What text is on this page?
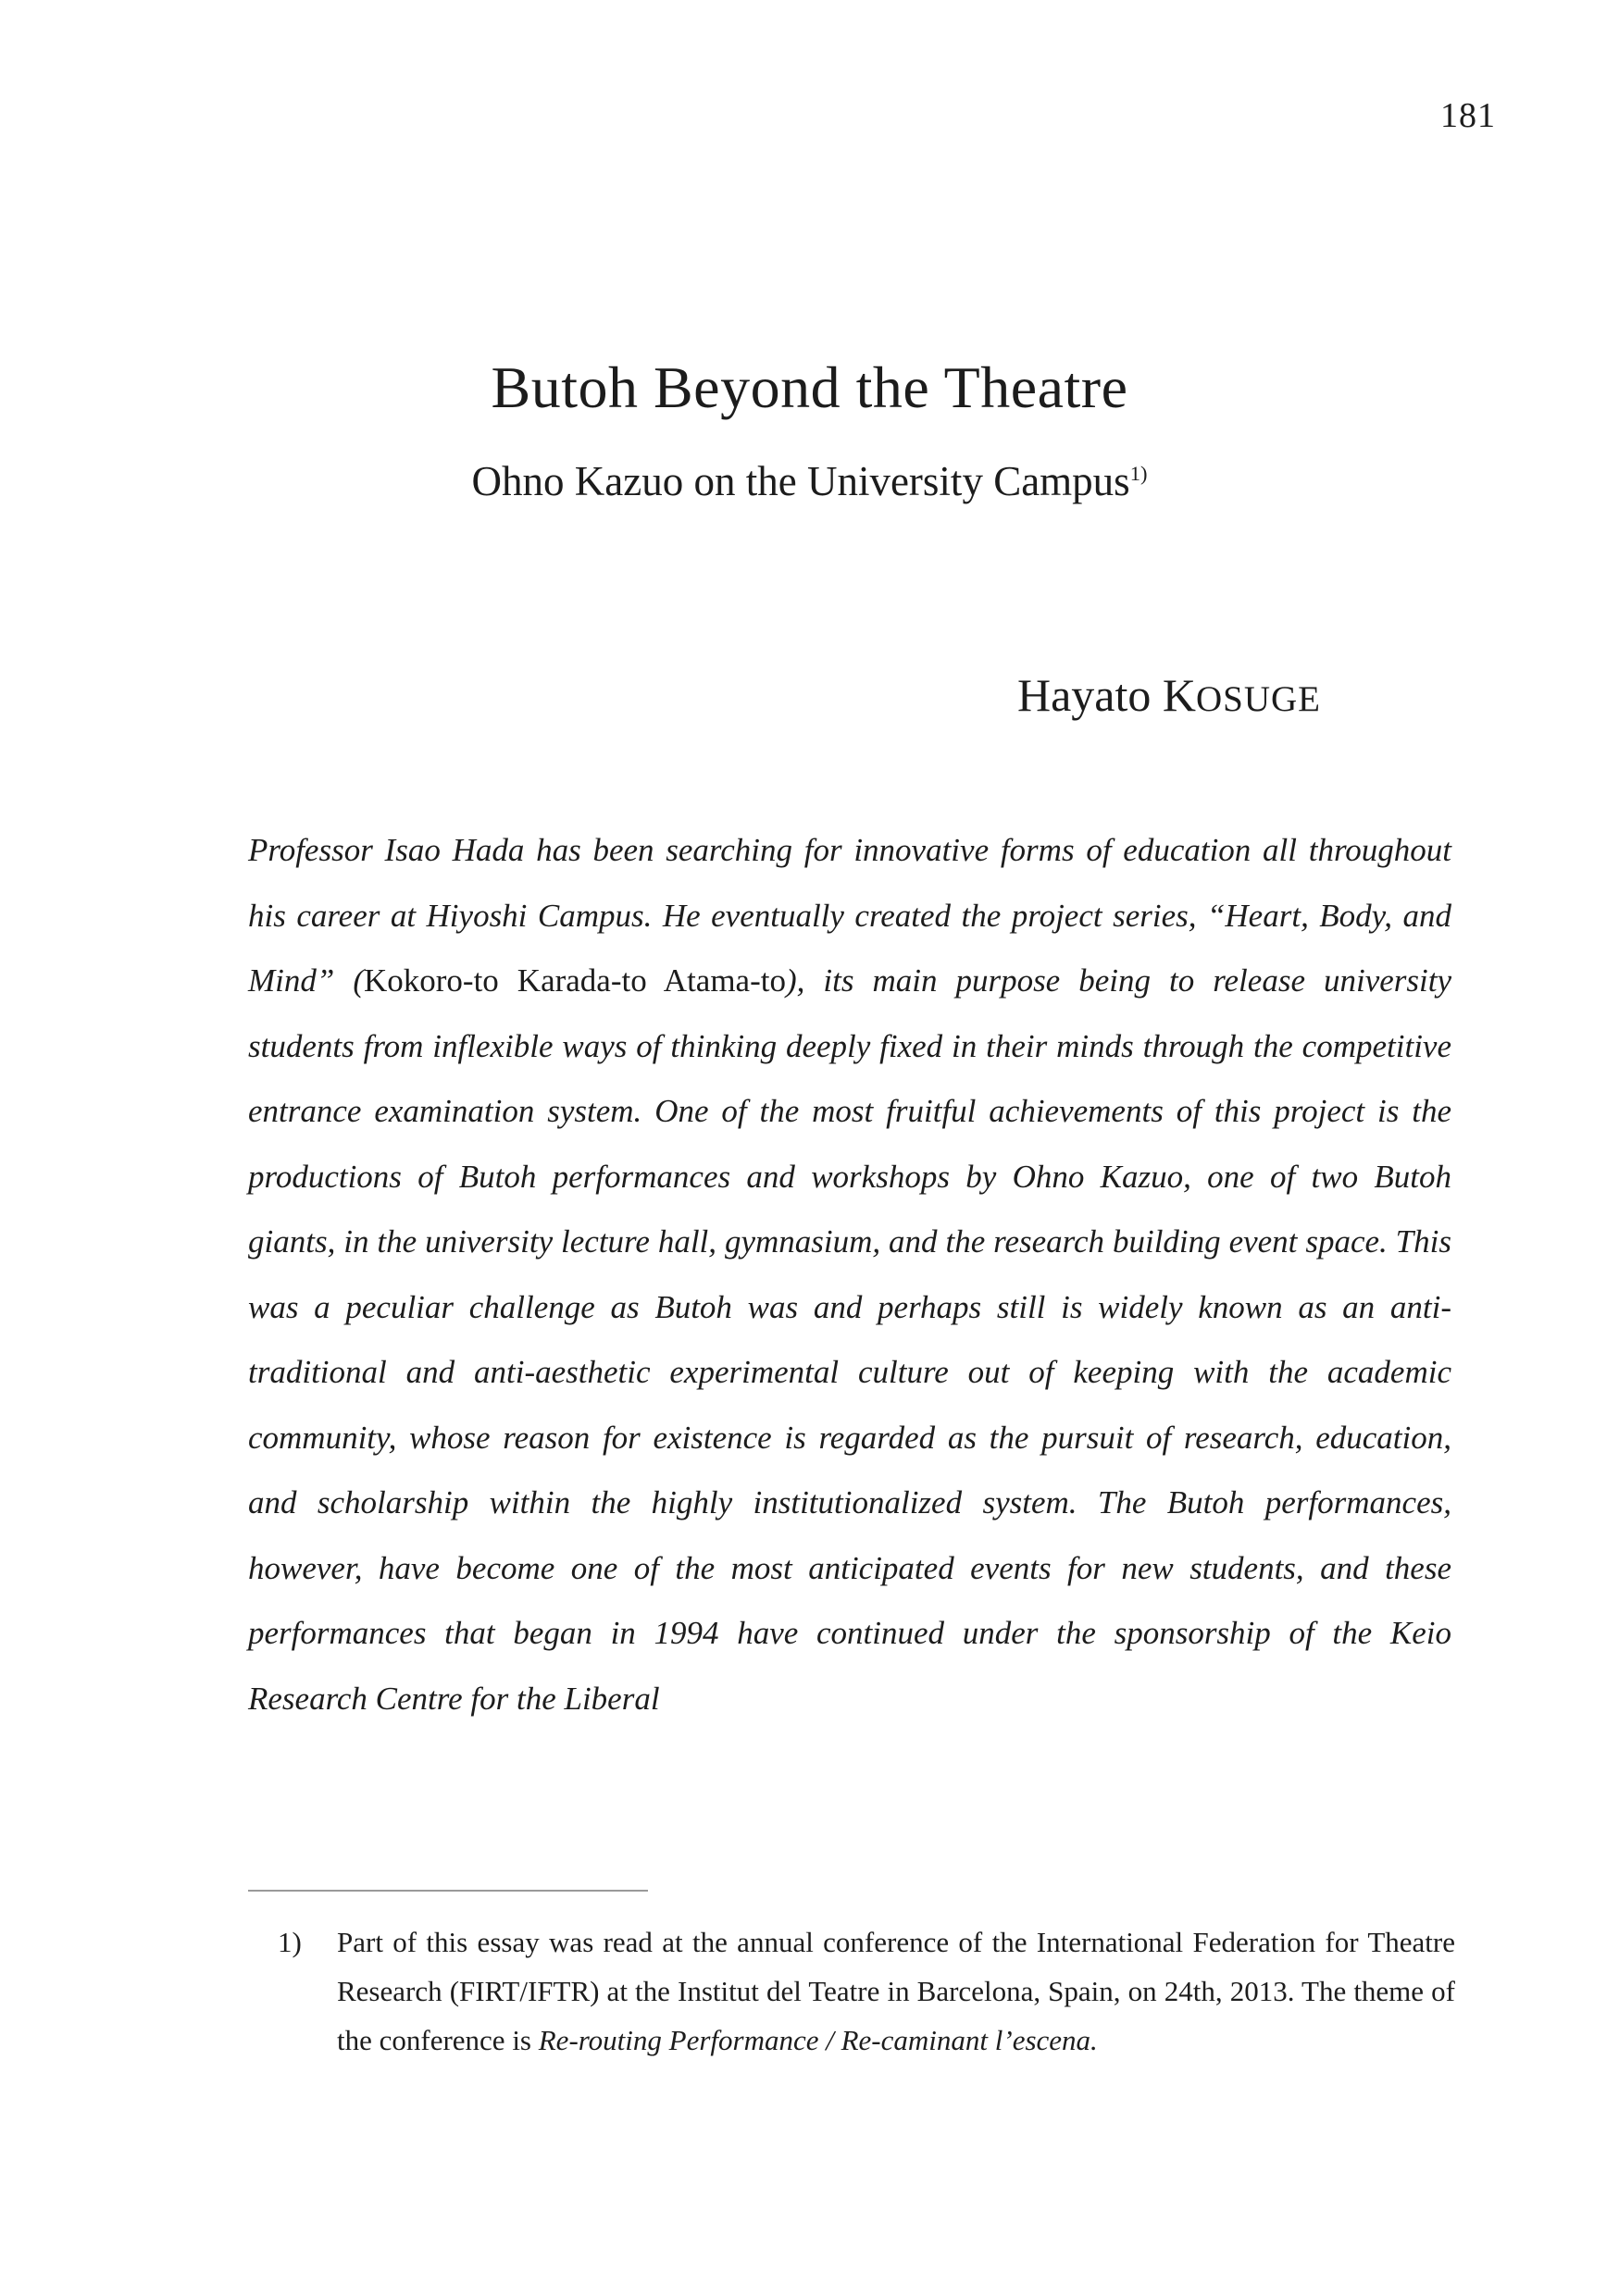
181
Butoh Beyond the Theatre
Ohno Kazuo on the University Campus$^{1)}$
Hayato KOSUGE

Professor Isao Hada has been searching for innovative forms of education all throughout his career at Hiyoshi Campus. He eventually created the project series, “Heart, Body, and Mind” (Kokoro-to Karada-to Atama-to), its main purpose being to release university students from inflexible ways of thinking deeply fixed in their minds through the competitive entrance examination system. One of the most fruitful achievements of this project is the productions of Butoh performances and workshops by Ohno Kazuo, one of two Butoh giants, in the university lecture hall, gymnasium, and the research building event space. This was a peculiar challenge as Butoh was and perhaps still is widely known as an anti-traditional and anti-aesthetic experimental culture out of keeping with the academic community, whose reason for existence is regarded as the pursuit of research, education, and scholarship within the highly institutionalized system. The Butoh performances, however, have become one of the most anticipated events for new students, and these performances that began in 1994 have continued under the sponsorship of the Keio Research Centre for the Liberal

1)	Part of this essay was read at the annual conference of the International Federation for Theatre Research (FIRT/IFTR) at the Institut del Teatre in Barcelona, Spain, on 24th, 2013. The theme of the conference is Re-routing Performance / Re-caminant l’escena.
